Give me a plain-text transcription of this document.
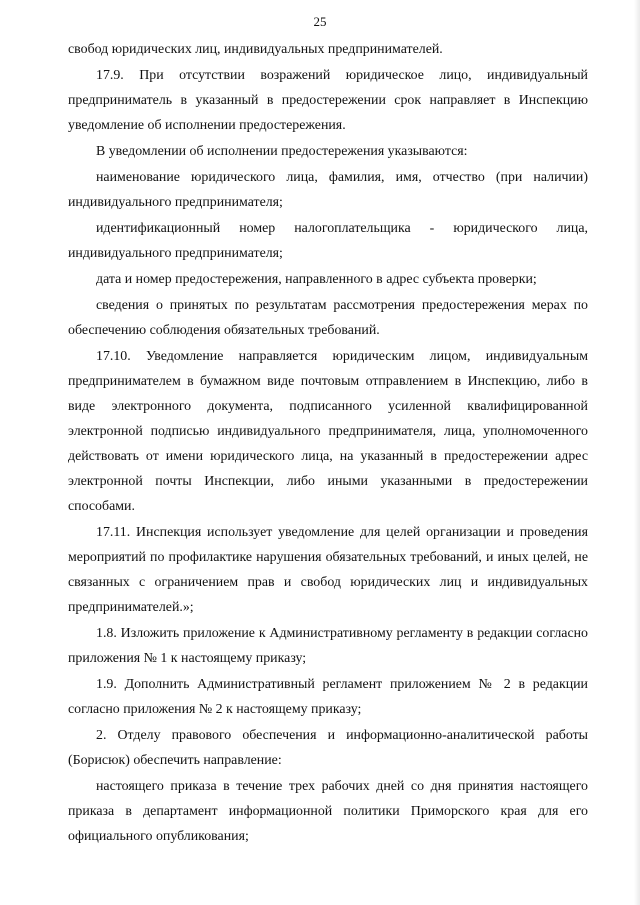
25

свобод юридических лиц, индивидуальных предпринимателей.

17.9. При отсутствии возражений юридическое лицо, индивидуальный предприниматель в указанный в предостережении срок направляет в Инспекцию уведомление об исполнении предостережения.

В уведомлении об исполнении предостережения указываются:

наименование юридического лица, фамилия, имя, отчество (при наличии) индивидуального предпринимателя;

идентификационный номер налогоплательщика - юридического лица, индивидуального предпринимателя;

дата и номер предостережения, направленного в адрес субъекта проверки;

сведения о принятых по результатам рассмотрения предостережения мерах по обеспечению соблюдения обязательных требований.

17.10. Уведомление направляется юридическим лицом, индивидуальным предпринимателем в бумажном виде почтовым отправлением в Инспекцию, либо в виде электронного документа, подписанного усиленной квалифицированной электронной подписью индивидуального предпринимателя, лица, уполномоченного действовать от имени юридического лица, на указанный в предостережении адрес электронной почты Инспекции, либо иными указанными в предостережении способами.

17.11. Инспекция использует уведомление для целей организации и проведения мероприятий по профилактике нарушения обязательных требований, и иных целей, не связанных с ограничением прав и свобод юридических лиц и индивидуальных предпринимателей.»;

1.8. Изложить приложение к Административному регламенту в редакции согласно приложения № 1 к настоящему приказу;

1.9. Дополнить Административный регламент приложением № 2 в редакции согласно приложения № 2 к настоящему приказу;

2. Отделу правового обеспечения и информационно-аналитической работы (Борисюк) обеспечить направление:

настоящего приказа в течение трех рабочих дней со дня принятия настоящего приказа в департамент информационной политики Приморского края для его официального опубликования;
